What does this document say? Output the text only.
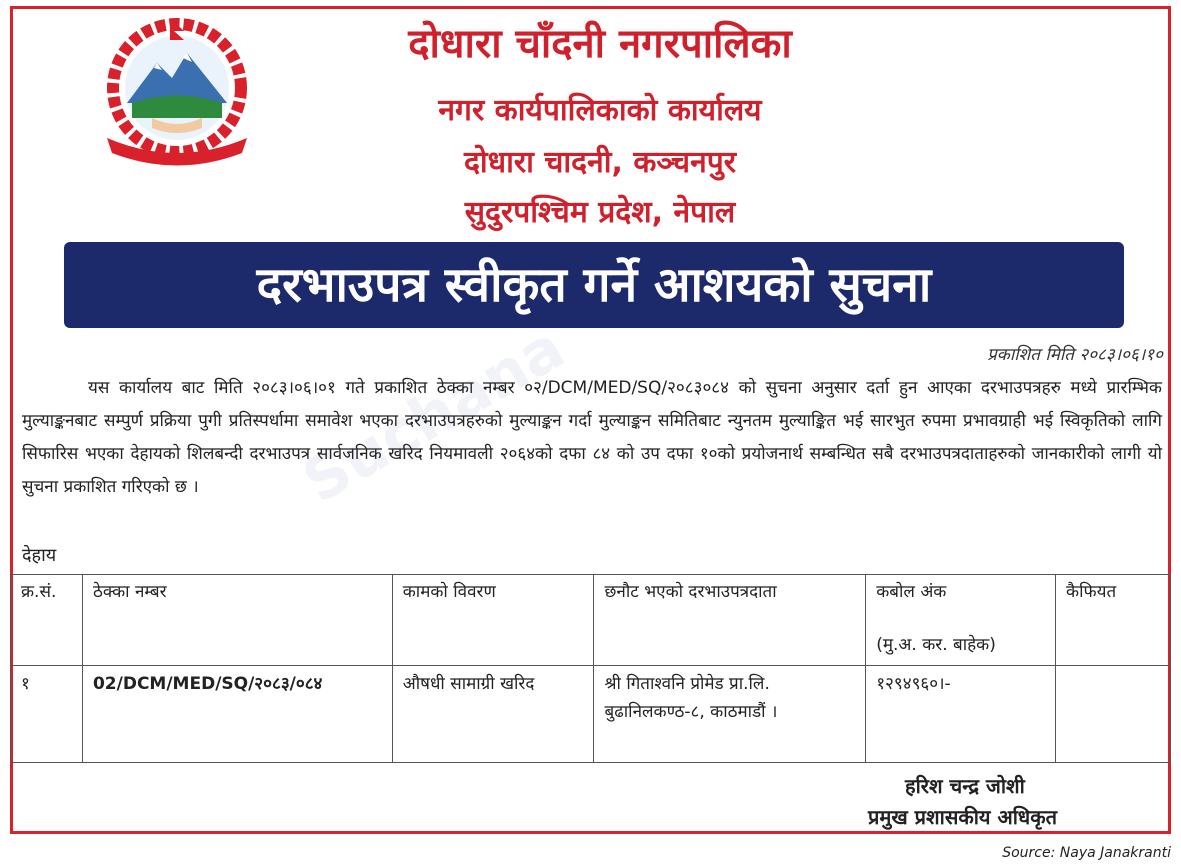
Suchana
दोधारा चाँदनी नगरपालिका
नगर कार्यपालिकाको कार्यालय
दोधारा चादनी, कञ्चनपुर
सुदुरपश्चिम प्रदेश, नेपाल
दरभाउपत्र स्वीकृत गर्ने आशयको सुचना
प्रकाशित मिति २०८३।०६।१०

यस कार्यालय बाट मिति २०८३।०६।०१ गते प्रकाशित ठेक्का नम्बर ०२/DCM/MED/SQ/२०८३०८४ को सुचना अनुसार दर्ता हुन आएका दरभाउपत्रहरु मध्ये प्रारम्भिक मुल्याङ्कनबाट सम्पुर्ण प्रक्रिया पुगी प्रतिस्पर्धामा समावेश भएका दरभाउपत्रहरुको मुल्याङ्कन गर्दा मुल्याङ्कन समितिबाट न्युनतम मुल्याङ्कित भई सारभुत रुपमा प्रभावग्राही भई स्विकृतिको लागि सिफारिस भएका देहायको शिलबन्दी दरभाउपत्र सार्वजनिक खरिद नियमावली २०६४को दफा ८४ को उप दफा १०को प्रयोजनार्थ सम्बन्धित सबै दरभाउपत्रदाताहरुको जानकारीको लागी यो सुचना प्रकाशित गरिएको छ ।

देहाय
क्र.सं.	ठेक्का नम्बर	कामको विवरण	छनौट भएको दरभाउपत्रदाता	कबोल अंक
(मु.अ. कर. बाहेक)	कैफियत
१	02/DCM/MED/SQ/२०८३/०८४	औषधी सामाग्री खरिद	श्री गिताश्वनि प्रोमेड प्रा.लि. बुढानिलकण्ठ-८, काठमाडौं ।	१२९४९६०।-	
हरिश चन्द्र जोशी
प्रमुख प्रशासकीय अधिकृत
Source: Naya Janakranti
